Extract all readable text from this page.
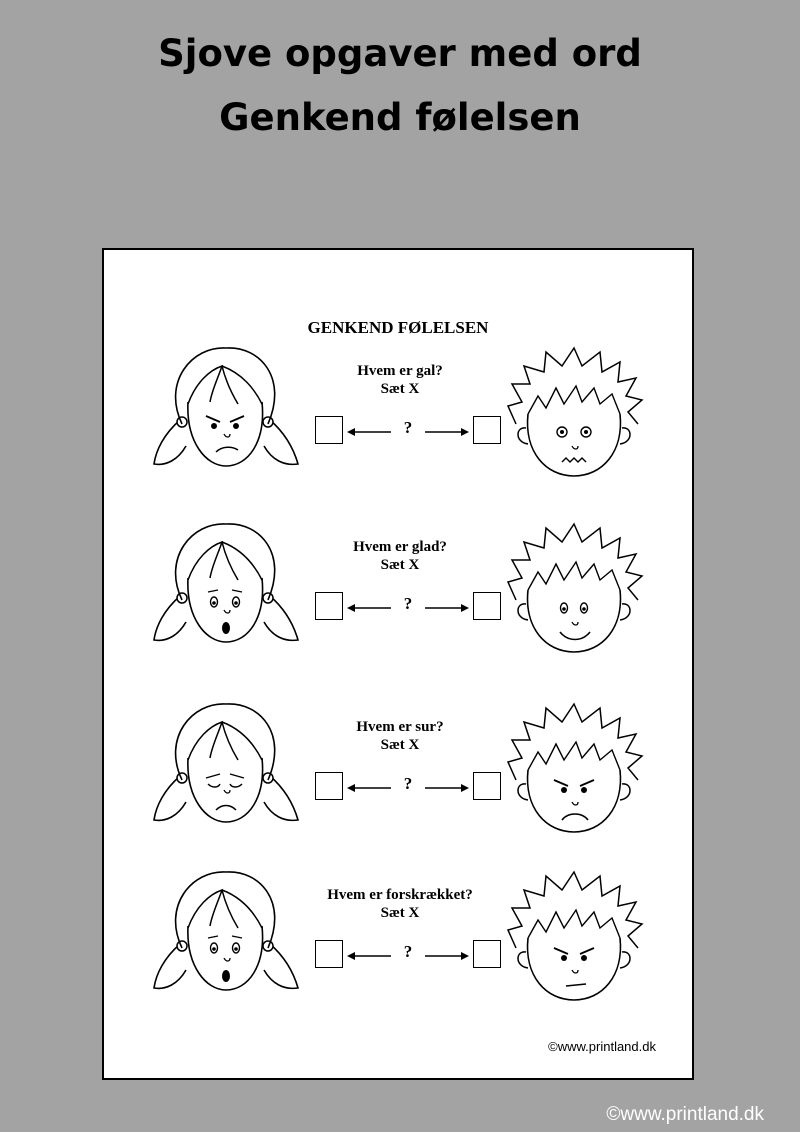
Sjove opgaver med ord
Genkend følelsen
GENKEND FØLELSEN
Hvem er gal?
Sæt X
?
Hvem er glad?
Sæt X
?
Hvem er sur?
Sæt X
?
Hvem er forskrækket?
Sæt X
?
©www.printland.dk
©www.printland.dk
